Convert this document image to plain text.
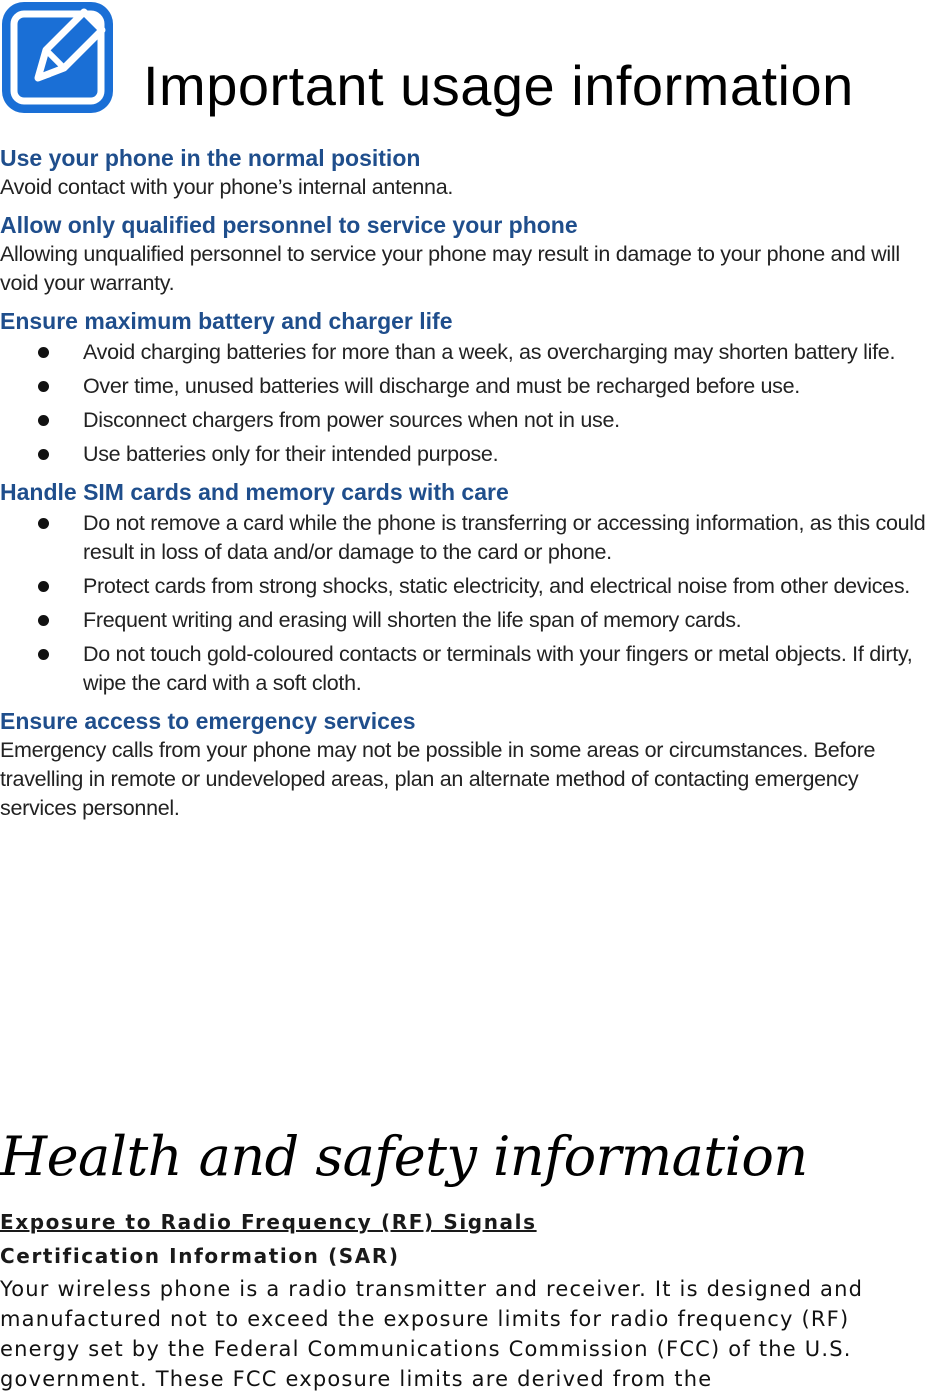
Important usage information
Use your phone in the normal position

Avoid contact with your phone’s internal antenna.

Allow only qualified personnel to service your phone

Allowing unqualified personnel to service your phone may result in damage to your phone and will void your warranty.

Ensure maximum battery and charger life
Avoid charging batteries for more than a week, as overcharging may shorten battery life.
Over time, unused batteries will discharge and must be recharged before use.
Disconnect chargers from power sources when not in use.
Use batteries only for their intended purpose.
Handle SIM cards and memory cards with care
Do not remove a card while the phone is transferring or accessing information, as this could result in loss of data and/or damage to the card or phone.
Protect cards from strong shocks, static electricity, and electrical noise from other devices.
Frequent writing and erasing will shorten the life span of memory cards.
Do not touch gold-coloured contacts or terminals with your fingers or metal objects. If dirty, wipe the card with a soft cloth.
Ensure access to emergency services

Emergency calls from your phone may not be possible in some areas or circumstances. Before travelling in remote or undeveloped areas, plan an alternate method of contacting emergency services personnel.

Health and safety information
Exposure to Radio Frequency (RF) Signals
Certification Information (SAR)

Your wireless phone is a radio transmitter and receiver. It is designed and manufactured not to exceed the exposure limits for radio frequency (RF) energy set by the Federal Communications Commission (FCC) of the U.S. government. These FCC exposure limits are derived from the
